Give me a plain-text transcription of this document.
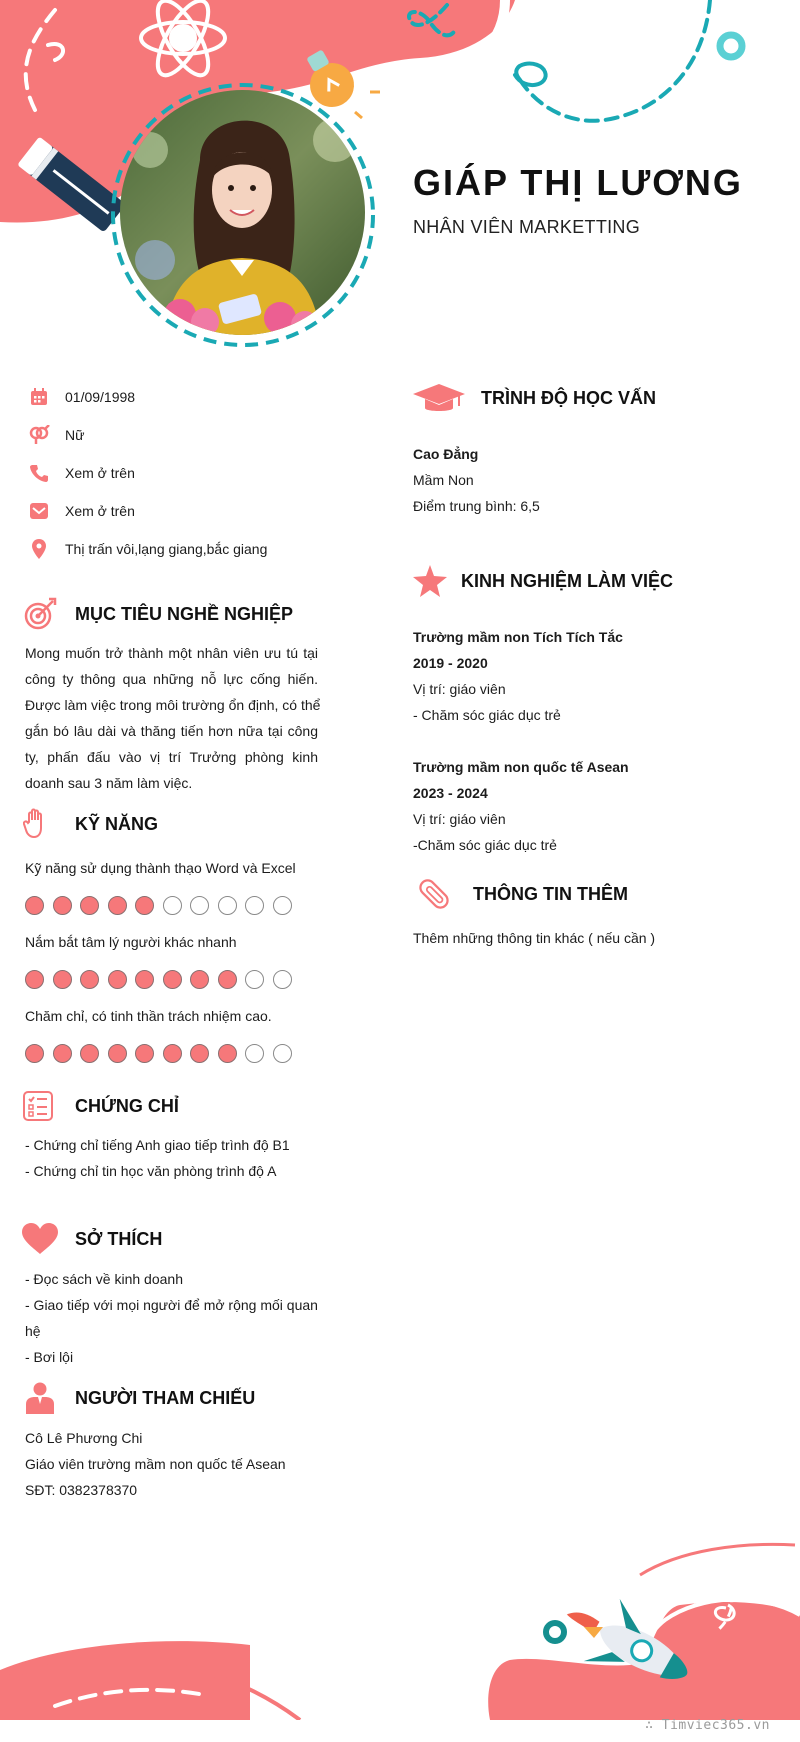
GIÁP THỊ LƯƠNG
NHÂN VIÊN MARKETTING
01/09/1998
Nữ
Xem ở trên
Xem ở trên
Thị trấn vôi,lạng giang,bắc giang
MỤC TIÊU NGHỀ NGHIỆP
Mong muốn trở thành một nhân viên ưu tú tại
công ty thông qua những nỗ lực cống hiến.
Được làm việc trong môi trường ổn định, có thể
gắn bó lâu dài và thăng tiến hơn nữa tại công
ty, phấn đấu vào vị trí Trưởng phòng kinh
doanh sau 3 năm làm việc.
KỸ NĂNG
Kỹ năng sử dụng thành thạo Word và Excel
Nắm bắt tâm lý người khác nhanh
Chăm chỉ, có tinh thần trách nhiệm cao.
CHỨNG CHỈ
- Chứng chỉ tiếng Anh giao tiếp trình độ B1
- Chứng chỉ tin học văn phòng trình độ A
SỞ THÍCH
- Đọc sách về kinh doanh
- Giao tiếp với mọi người để mở rộng mối quan
hệ
- Bơi lội
NGƯỜI THAM CHIẾU
Cô Lê Phương Chi
Giáo viên trường mầm non quốc tế Asean
SĐT: 0382378370
TRÌNH ĐỘ HỌC VẤN
Cao Đẳng
Mầm Non
Điểm trung bình: 6,5
KINH NGHIỆM LÀM VIỆC
Trường mầm non Tích Tích Tắc
2019 - 2020
Vị trí: giáo viên
- Chăm sóc giác dục trẻ
Trường mầm non quốc tế Asean
2023 - 2024
Vị trí: giáo viên
-Chăm sóc giác dục trẻ
THÔNG TIN THÊM
Thêm những thông tin khác ( nếu cần )
∴ Timviec365.vn
